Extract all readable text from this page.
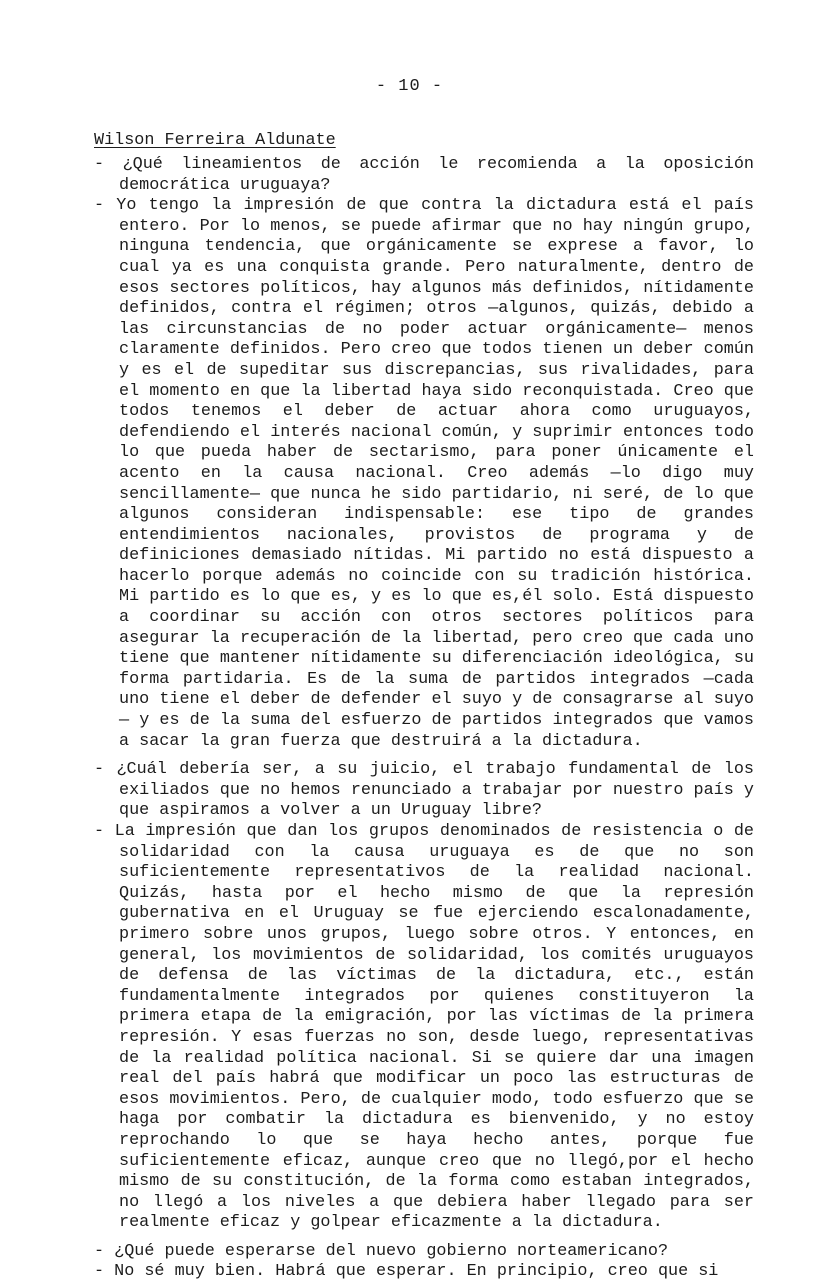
- 10 -
Wilson Ferreira Aldunate

- ¿Qué lineamientos de acción le recomienda a la oposición democrática uruguaya?

- Yo tengo la impresión de que contra la dictadura está el país entero. Por lo menos, se puede afirmar que no hay ningún grupo, ninguna tendencia, que orgánicamente se exprese a favor, lo cual ya es una conquista grande. Pero naturalmente, dentro de esos sectores políticos, hay algunos más definidos, nítidamente definidos, contra el régimen; otros —algunos, quizás, debido a las circunstancias de no poder actuar orgánicamente— menos claramente definidos. Pero creo que todos tienen un deber común y es el de supeditar sus discrepancias, sus rivalidades, para el momento en que la libertad haya sido reconquistada. Creo que todos tenemos el deber de actuar ahora como uruguayos, defendiendo el interés nacional común, y suprimir entonces todo lo que pueda haber de sectarismo, para poner únicamente el acento en la causa nacional. Creo además —lo digo muy sencillamente— que nunca he sido partidario, ni seré, de lo que algunos consideran indispensable: ese tipo de grandes entendimientos nacionales, provistos de programa y de definiciones demasiado nítidas. Mi partido no está dispuesto a hacerlo porque además no coincide con su tradición histórica. Mi partido es lo que es, y es lo que es,él solo. Está dispuesto a coordinar su acción con otros sectores políticos para asegurar la recuperación de la libertad, pero creo que cada uno tiene que mantener nítidamente su diferenciación ideológica, su forma partidaria. Es de la suma de partidos integrados —cada uno tiene el deber de defender el suyo y de consagrarse al suyo— y es de la suma del esfuerzo de partidos integrados que vamos a sacar la gran fuerza que destruirá a la dictadura.

- ¿Cuál debería ser, a su juicio, el trabajo fundamental de los exiliados que no hemos renunciado a trabajar por nuestro país y que aspiramos a volver a un Uruguay libre?

- La impresión que dan los grupos denominados de resistencia o de solidaridad con la causa uruguaya es de que no son suficientemente representativos de la realidad nacional. Quizás, hasta por el hecho mismo de que la represión gubernativa en el Uruguay se fue ejerciendo escalonadamente, primero sobre unos grupos, luego sobre otros. Y entonces, en general, los movimientos de solidaridad, los comités uruguayos de defensa de las víctimas de la dictadura, etc., están fundamentalmente integrados por quienes constituyeron la primera etapa de la emigración, por las víctimas de la primera represión. Y esas fuerzas no son, desde luego, representativas de la realidad política nacional. Si se quiere dar una imagen real del país habrá que modificar un poco las estructuras de esos movimientos. Pero, de cualquier modo, todo esfuerzo que se haga por combatir la dictadura es bienvenido, y no estoy reprochando lo que se haya hecho antes, porque fue suficientemente eficaz, aunque creo que no llegó,por el hecho mismo de su constitución, de la forma como estaban integrados, no llegó a los niveles a que debiera haber llegado para ser realmente eficaz y golpear eficazmente a la dictadura.

- ¿Qué puede esperarse del nuevo gobierno norteamericano?

- No sé muy bien. Habrá que esperar. En principio, creo que si
